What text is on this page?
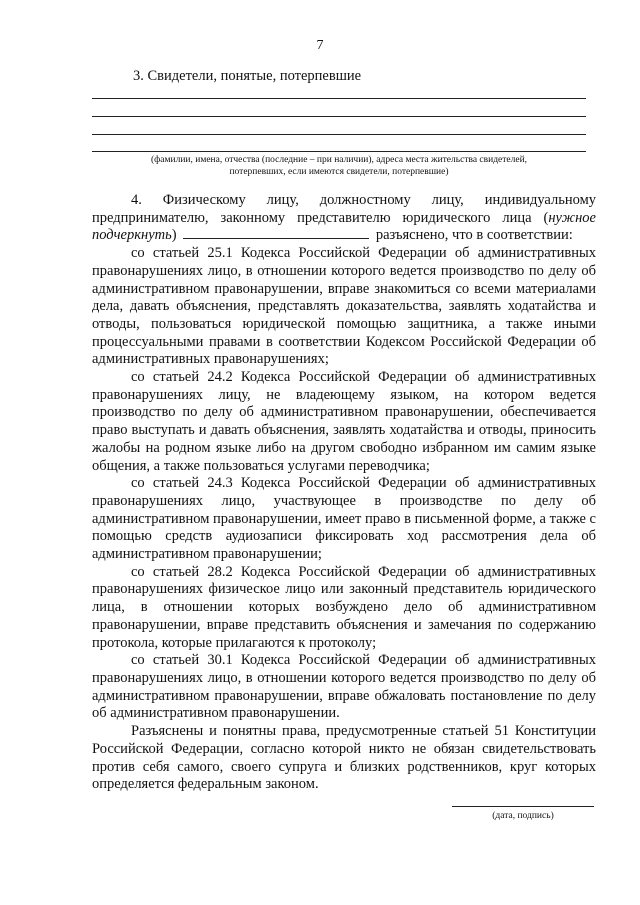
7
3. Свидетели, понятые, потерпевшие
(фамилии, имена, отчества (последние – при наличии), адреса места жительства свидетелей,
потерпевших, если имеются свидетели, потерпевшие)

4. Физическому лицу, должностному лицу, индивидуальному предпринимателю, законному представителю юридического лица (нужное подчеркнуть)	разъяснено, что в соответствии:

со статьей 25.1 Кодекса Российской Федерации об административных правонарушениях лицо, в отношении которого ведется производство по делу об административном правонарушении, вправе знакомиться со всеми материалами дела, давать объяснения, представлять доказательства, заявлять ходатайства и отводы, пользоваться юридической помощью защитника, а также иными процессуальными правами в соответствии Кодексом Российской Федерации об административных правонарушениях;

со статьей 24.2 Кодекса Российской Федерации об административных правонарушениях лицу, не владеющему языком, на котором ведется производство по делу об административном правонарушении, обеспечивается право выступать и давать объяснения, заявлять ходатайства и отводы, приносить жалобы на родном языке либо на другом свободно избранном им самим языке общения, а также пользоваться услугами переводчика;

со статьей 24.3 Кодекса Российской Федерации об административных правонарушениях лицо, участвующее в производстве по делу об административном правонарушении, имеет право в письменной форме, а также с помощью средств аудиозаписи фиксировать ход рассмотрения дела об административном правонарушении;

со статьей 28.2 Кодекса Российской Федерации об административных правонарушениях физическое лицо или законный представитель юридического лица, в отношении которых возбуждено дело об административном правонарушении, вправе представить объяснения и замечания по содержанию протокола, которые прилагаются к протоколу;

со статьей 30.1 Кодекса Российской Федерации об административных правонарушениях лицо, в отношении которого ведется производство по делу об административном правонарушении, вправе обжаловать постановление по делу об административном правонарушении.

Разъяснены и понятны права, предусмотренные статьей 51 Конституции Российской Федерации, согласно которой никто не обязан свидетельствовать против себя самого, своего супруга и близких родственников, круг которых определяется федеральным законом.

(дата, подпись)
